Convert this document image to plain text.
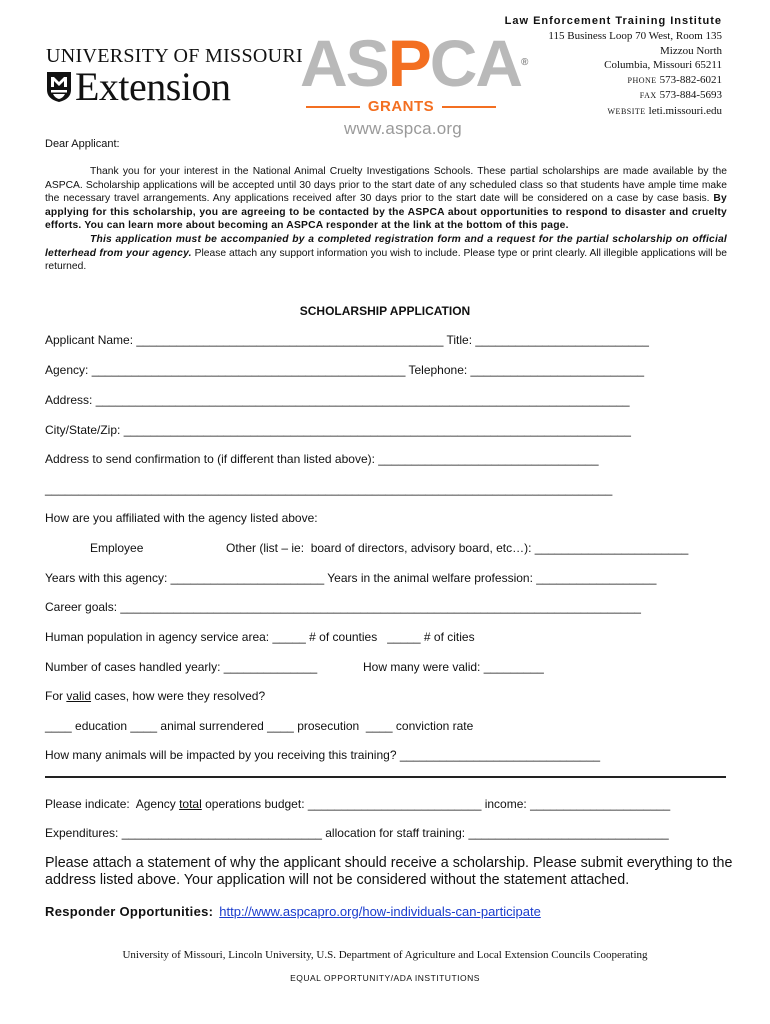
UNIVERSITY OF MISSOURI
Extension ASPCA®
GRANTS
www.aspca.org
Law Enforcement Training Institute
115 Business Loop 70 West, Room 135
Mizzou North
Columbia, Missouri 65211
PHONE 573-882-6021
FAX 573-884-5693
WEBSITE leti.missouri.edu
Dear Applicant:

Thank you for your interest in the National Animal Cruelty Investigations Schools. These partial scholarships are made available by the ASPCA. Scholarship applications will be accepted until 30 days prior to the start date of any scheduled class so that students have ample time make the necessary travel arrangements. Any applications received after 30 days prior to the start date will be considered on a case by case basis. By applying for this scholarship, you are agreeing to be contacted by the ASPCA about opportunities to respond to disaster and cruelty efforts. You can learn more about becoming an ASPCA responder at the link at the bottom of this page.

This application must be accompanied by a completed registration form and a request for the partial scholarship on official letterhead from your agency. Please attach any support information you wish to include. Please type or print clearly. All illegible applications will be returned.

SCHOLARSHIP APPLICATION
Applicant Name: ______________________________________________ Title: __________________________
Agency: _______________________________________________ Telephone: __________________________
Address: ________________________________________________________________________________
City/State/Zip: ____________________________________________________________________________
Address to send confirmation to (if different than listed above): _________________________________
_____________________________________________________________________________________
How are you affiliated with the agency listed above:
Employee	Other (list – ie:  board of directors, advisory board, etc…): _______________________
Years with this agency: _______________________ Years in the animal welfare profession: __________________
Career goals: ______________________________________________________________________________
Human population in agency service area: _____ # of counties   _____ # of cities
Number of cases handled yearly: ______________	How many were valid: _________
For valid cases, how were they resolved?
____ education ____ animal surrendered ____ prosecution  ____ conviction rate
How many animals will be impacted by you receiving this training? ______________________________
Please indicate:  Agency total operations budget: __________________________ income: _____________________
Expenditures: ______________________________ allocation for staff training: ______________________________
Please attach a statement of why the applicant should receive a scholarship. Please submit everything to the address listed above. Your application will not be considered without the statement attached.
Responder Opportunities: http://www.aspcapro.org/how-individuals-can-participate
University of Missouri, Lincoln University, U.S. Department of Agriculture and Local Extension Councils Cooperating
EQUAL OPPORTUNITY/ADA INSTITUTIONS
